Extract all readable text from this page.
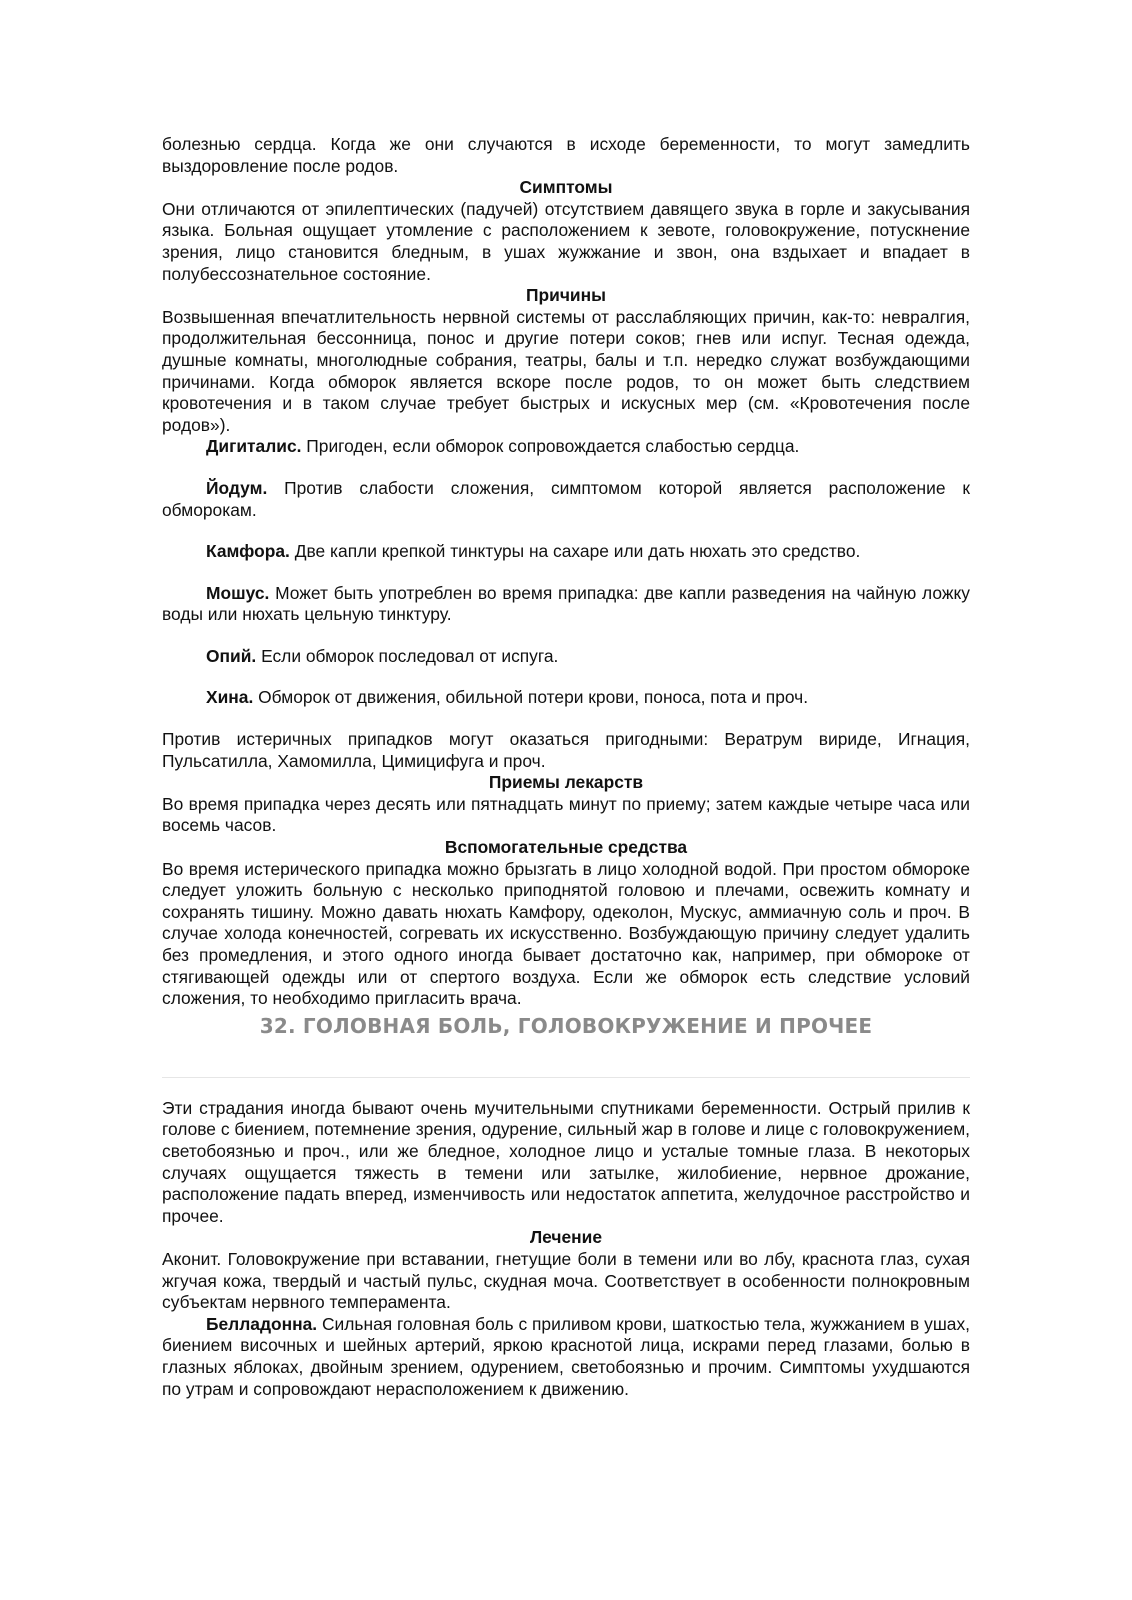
болезнью сердца. Когда же они случаются в исходе беременности, то могут замедлить выздоровление после родов.

Симптомы

Они отличаются от эпилептических (падучей) отсутствием давящего звука в горле и закусывания языка. Больная ощущает утомление с расположением к зевоте, головокружение, потускнение зрения, лицо становится бледным, в ушах жужжание и звон, она вздыхает и впадает в полубессознательное состояние.

Причины

Возвышенная впечатлительность нервной системы от расслабляющих причин, как-то: невралгия, продолжительная бессонница, понос и другие потери соков; гнев или испуг. Тесная одежда, душные комнаты, многолюдные собрания, театры, балы и т.п. нередко служат возбуждающими причинами. Когда обморок является вскоре после родов, то он может быть следствием кровотечения и в таком случае требует быстрых и искусных мер (см. «Кровотечения после родов»).

Дигиталис. Пригоден, если обморок сопровождается слабостью сердца.

Йодум. Против слабости сложения, симптомом которой является расположение к обморокам.

Камфора. Две капли крепкой тинктуры на сахаре или дать нюхать это средство.

Мошус. Может быть употреблен во время припадка: две капли разведения на чайную ложку воды или нюхать цельную тинктуру.

Опий. Если обморок последовал от испуга.

Хина. Обморок от движения, обильной потери крови, поноса, пота и проч.

Против истеричных припадков могут оказаться пригодными: Вератрум вириде, Игнация, Пульсатилла, Хамомилла, Цимицифуга и проч.

Приемы лекарств

Во время припадка через десять или пятнадцать минут по приему; затем каждые четыре часа или восемь часов.

Вспомогательные средства

Во время истерического припадка можно брызгать в лицо холодной водой. При простом обмороке следует уложить больную с несколько приподнятой головою и плечами, освежить комнату и сохранять тишину. Можно давать нюхать Камфору, одеколон, Мускус, аммиачную соль и проч. В случае холода конечностей, согревать их искусственно. Возбуждающую причину следует удалить без промедления, и этого одного иногда бывает достаточно как, например, при обмороке от стягивающей одежды или от спертого воздуха. Если же обморок есть следствие условий сложения, то необходимо пригласить врача.

32. ГОЛОВНАЯ БОЛЬ, ГОЛОВОКРУЖЕНИЕ И ПРОЧЕЕ

Эти страдания иногда бывают очень мучительными спутниками беременности. Острый прилив к голове с биением, потемнение зрения, одурение, сильный жар в голове и лице с головокружением, светобоязнью и проч., или же бледное, холодное лицо и усталые томные глаза. В некоторых случаях ощущается тяжесть в темени или затылке, жилобиение, нервное дрожание, расположение падать вперед, изменчивость или недостаток аппетита, желудочное расстройство и прочее.

Лечение

Аконит. Головокружение при вставании, гнетущие боли в темени или во лбу, краснота глаз, сухая жгучая кожа, твердый и частый пульс, скудная моча. Соответствует в особенности полнокровным субъектам нервного темперамента.

Белладонна. Сильная головная боль с приливом крови, шаткостью тела, жужжанием в ушах, биением височных и шейных артерий, яркою краснотой лица, искрами перед глазами, болью в глазных яблоках, двойным зрением, одурением, светобоязнью и прочим. Симптомы ухудшаются по утрам и сопровождают нерасположением к движению.
